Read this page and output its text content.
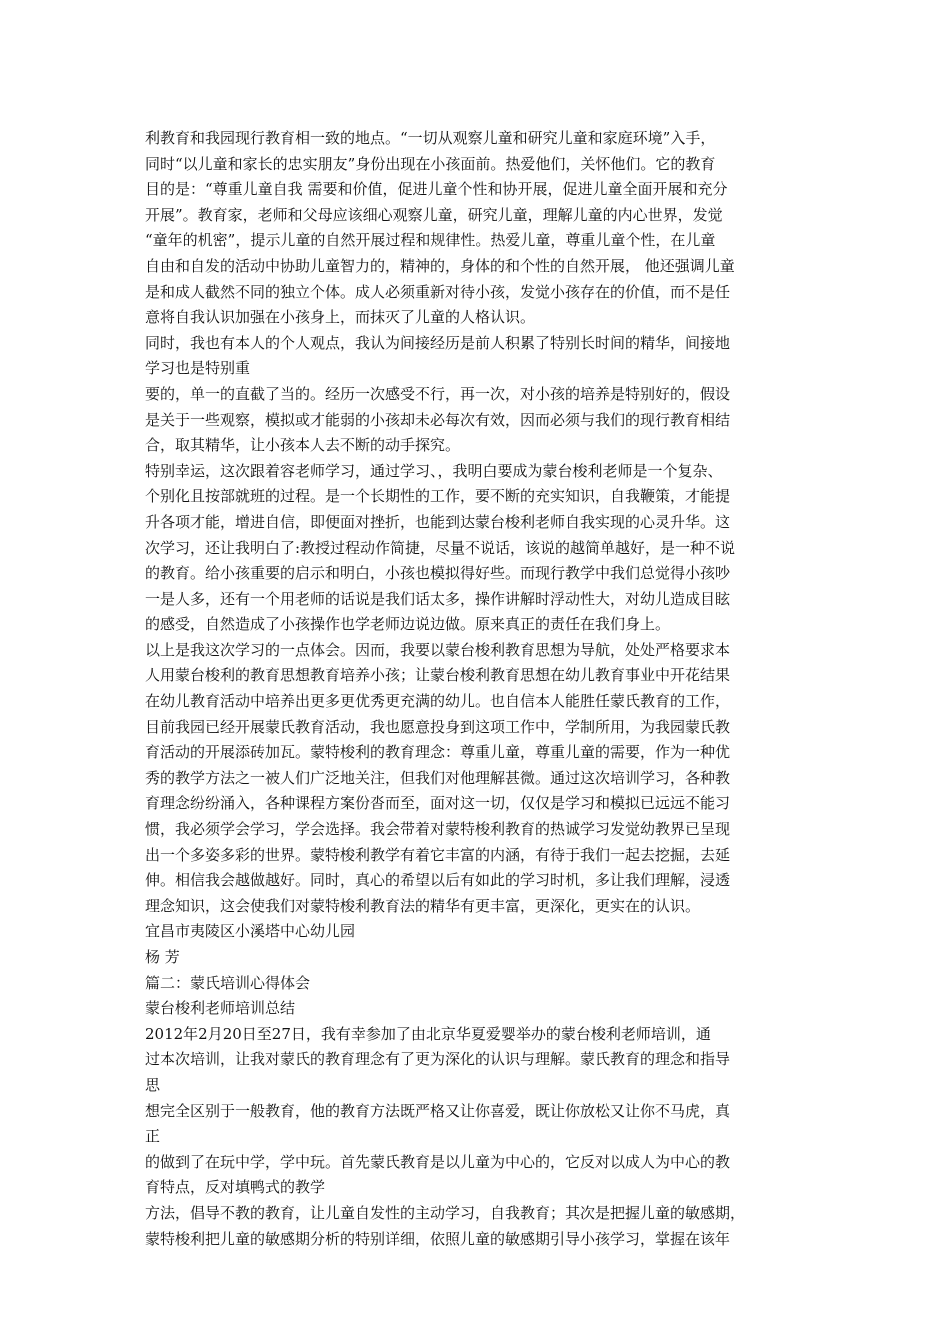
利教育和我园现行教育相一致的地点。“一切从观察儿童和研究儿童和家庭环境”入手，
同时“以儿童和家长的忠实朋友”身份出现在小孩面前。热爱他们，关怀他们。它的教育
目的是：“尊重儿童自我 需要和价值，促进儿童个性和协开展，促进儿童全面开展和充分
开展”。教育家，老师和父母应该细心观察儿童，研究儿童，理解儿童的内心世界，发觉
“童年的机密”，提示儿童的自然开展过程和规律性。热爱儿童，尊重儿童个性，在儿童
自由和自发的活动中协助儿童智力的，精神的，身体的和个性的自然开展， 他还强调儿童
是和成人截然不同的独立个体。成人必须重新对待小孩，发觉小孩存在的价值，而不是任
意将自我认识加强在小孩身上，而抹灭了儿童的人格认识。
同时，我也有本人的个人观点，我认为间接经历是前人积累了特别长时间的精华，间接地
学习也是特别重
要的，单一的直截了当的。经历一次感受不行，再一次，对小孩的培养是特别好的，假设
是关于一些观察，模拟或才能弱的小孩却未必每次有效，因而必须与我们的现行教育相结
合，取其精华，让小孩本人去不断的动手探究。
特别幸运，这次跟着容老师学习，通过学习、，我明白要成为蒙台梭利老师是一个复杂、
个别化且按部就班的过程。是一个长期性的工作，要不断的充实知识，自我鞭策，才能提
升各项才能，增进自信，即便面对挫折，也能到达蒙台梭利老师自我实现的心灵升华。这
次学习，还让我明白了:教授过程动作简捷，尽量不说话，该说的越简单越好，是一种不说
的教育。给小孩重要的启示和明白，小孩也模拟得好些。而现行教学中我们总觉得小孩吵
一是人多，还有一个用老师的话说是我们话太多，操作讲解时浮动性大，对幼儿造成目眩
的感受，自然造成了小孩操作也学老师边说边做。原来真正的责任在我们身上。
以上是我这次学习的一点体会。因而，我要以蒙台梭利教育思想为导航，处处严格要求本
人用蒙台梭利的教育思想教育培养小孩；让蒙台梭利教育思想在幼儿教育事业中开花结果
在幼儿教育活动中培养出更多更优秀更充满的幼儿。也自信本人能胜任蒙氏教育的工作，
目前我园已经开展蒙氏教育活动，我也愿意投身到这项工作中，学制所用，为我园蒙氏教
育活动的开展添砖加瓦。蒙特梭利的教育理念：尊重儿童，尊重儿童的需要，作为一种优
秀的教学方法之一被人们广泛地关注，但我们对他理解甚微。通过这次培训学习，各种教
育理念纷纷涌入，各种课程方案份沓而至，面对这一切，仅仅是学习和模拟已远远不能习
惯，我必须学会学习，学会选择。我会带着对蒙特梭利教育的热诚学习发觉幼教界已呈现
出一个多姿多彩的世界。蒙特梭利教学有着它丰富的内涵，有待于我们一起去挖掘，去延
伸。相信我会越做越好。同时，真心的希望以后有如此的学习时机，多让我们理解，浸透
理念知识，这会使我们对蒙特梭利教育法的精华有更丰富，更深化，更实在的认识。
宜昌市夷陵区小溪塔中心幼儿园
杨 芳
篇二：蒙氏培训心得体会
蒙台梭利老师培训总结
2012年2月20日至27日，我有幸参加了由北京华夏爱婴举办的蒙台梭利老师培训，通
过本次培训，让我对蒙氏的教育理念有了更为深化的认识与理解。蒙氏教育的理念和指导
思
想完全区别于一般教育，他的教育方法既严格又让你喜爱，既让你放松又让你不马虎，真
正
的做到了在玩中学，学中玩。首先蒙氏教育是以儿童为中心的，它反对以成人为中心的教
育特点，反对填鸭式的教学
方法，倡导不教的教育，让儿童自发性的主动学习，自我教育；其次是把握儿童的敏感期，
蒙特梭利把儿童的敏感期分析的特别详细，依照儿童的敏感期引导小孩学习，掌握在该年
